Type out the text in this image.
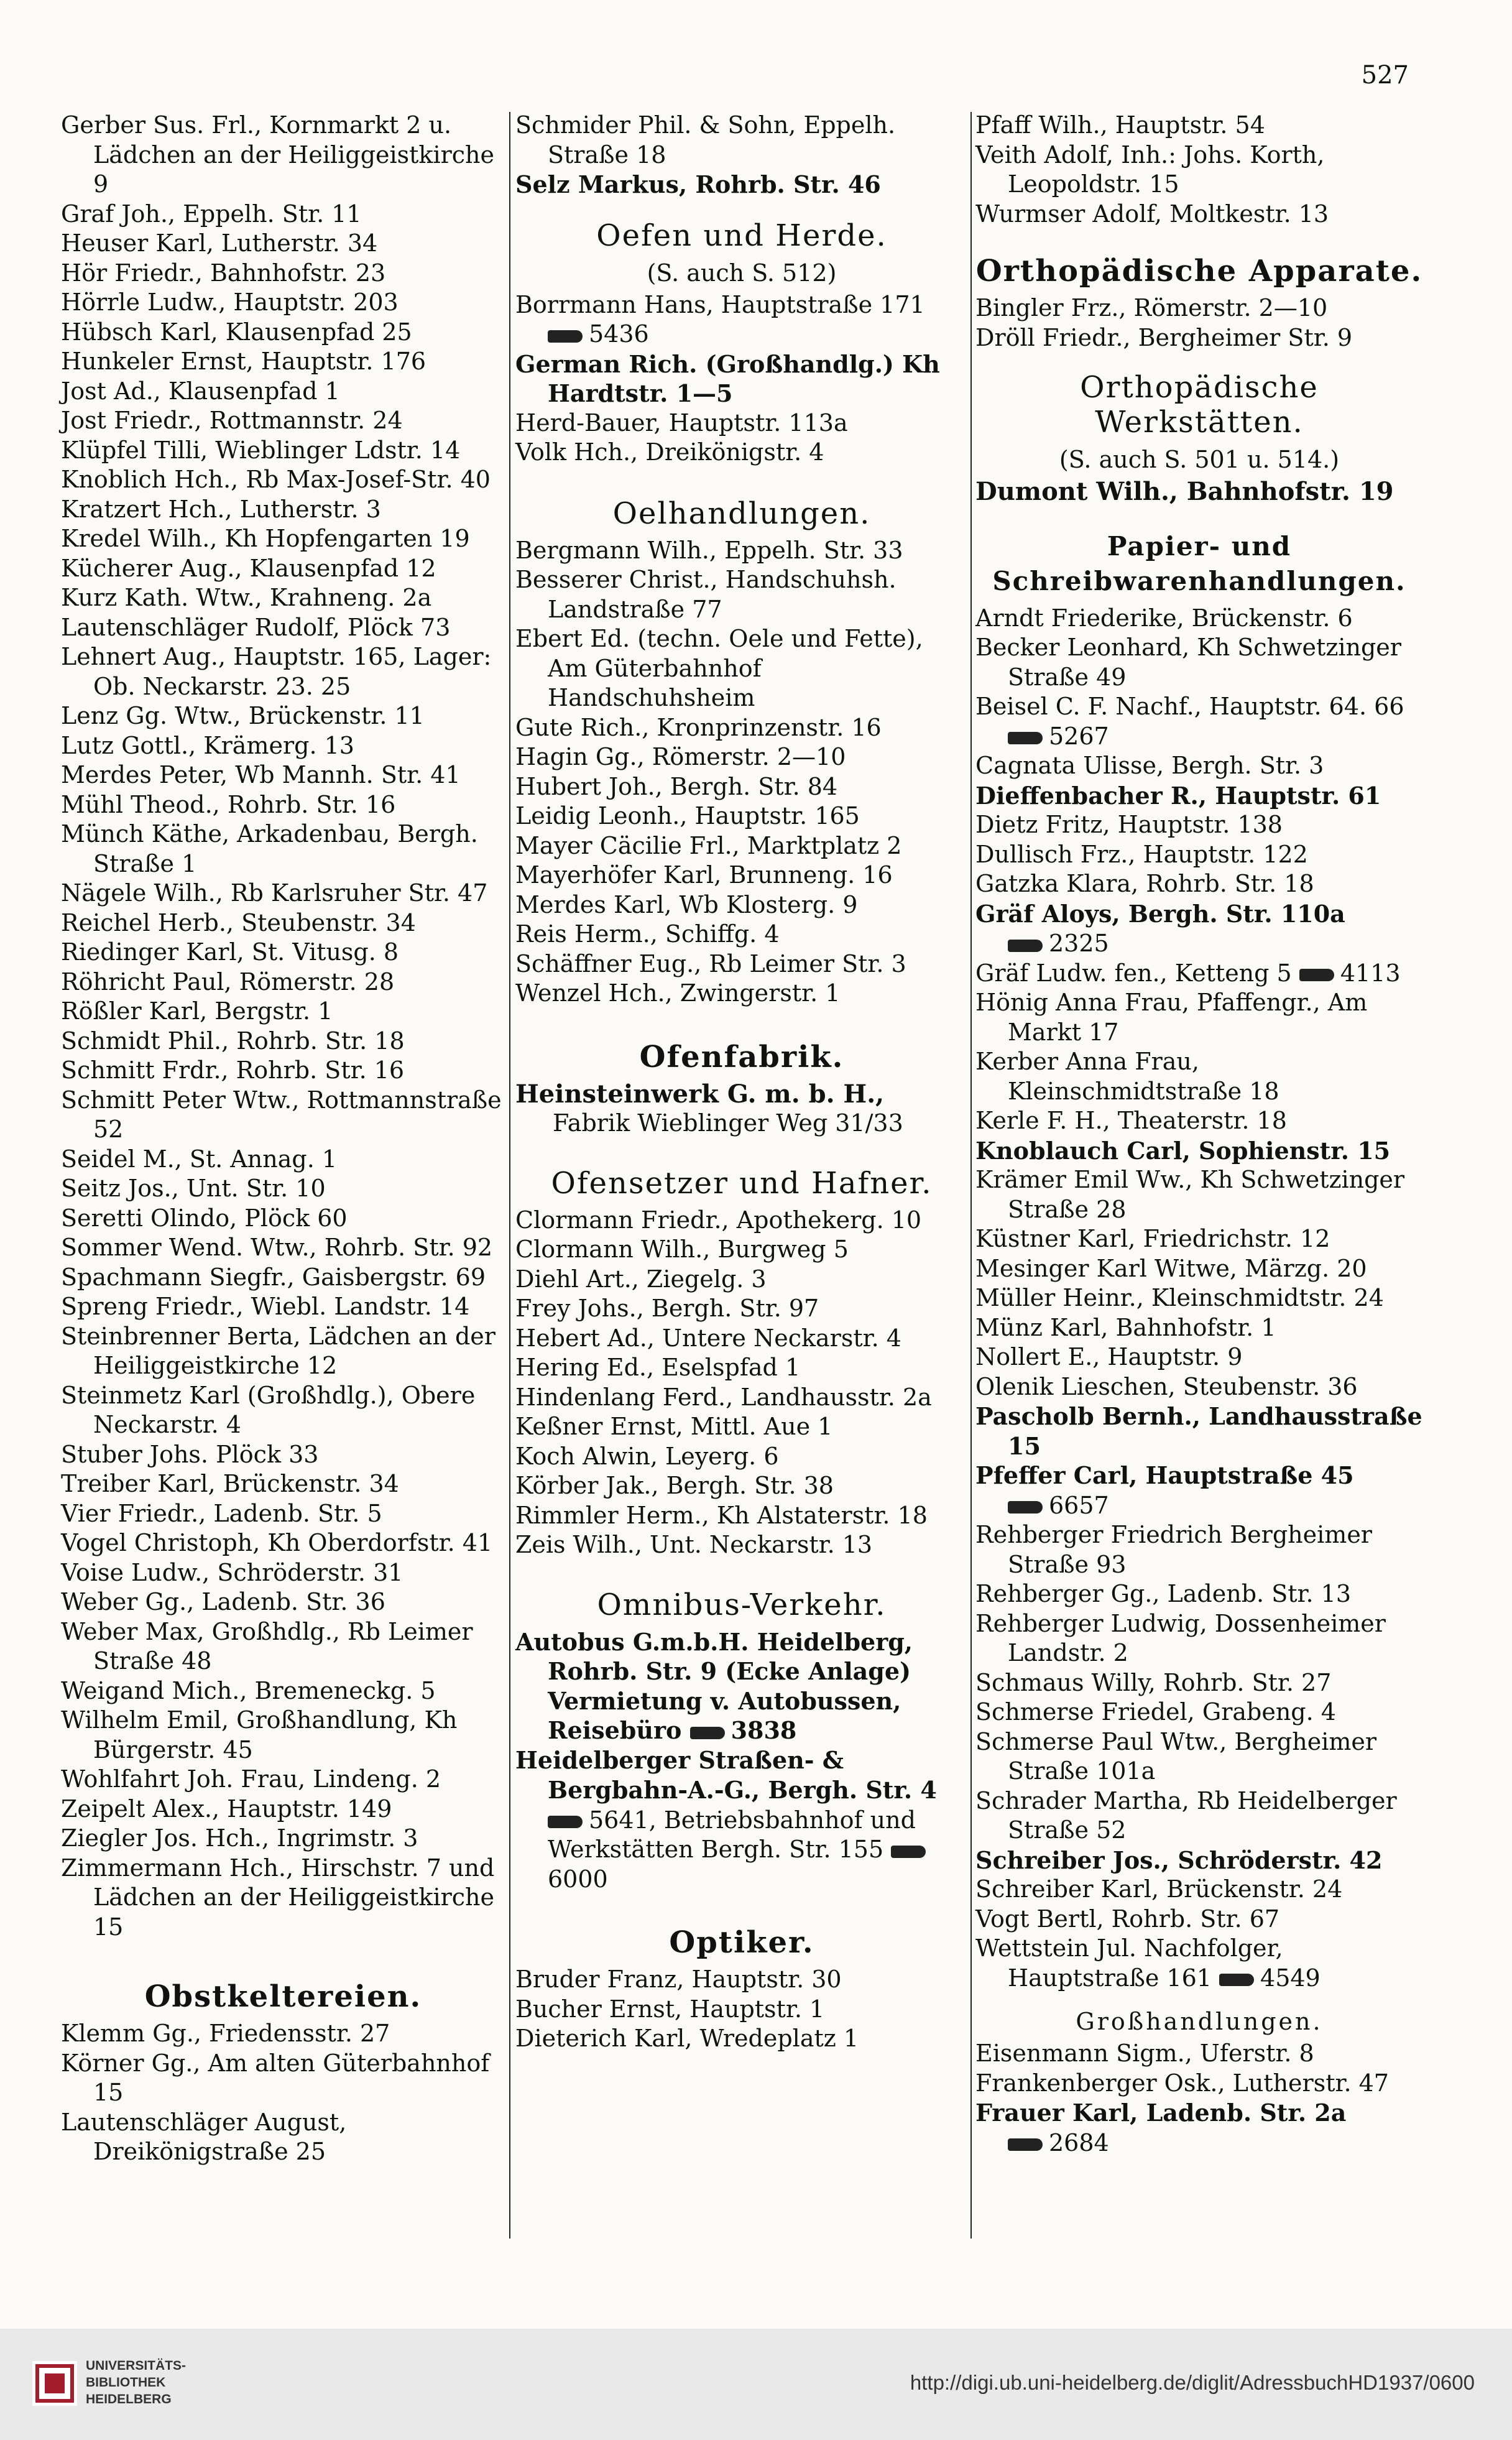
527
Gerber Sus. Frl., Kornmarkt 2 u. Lädchen an der Heiliggeistkirche 9
Graf Joh., Eppelh. Str. 11
Heuser Karl, Lutherstr. 34
Hör Friedr., Bahnhofstr. 23
Hörrle Ludw., Hauptstr. 203
Hübsch Karl, Klausenpfad 25
Hunkeler Ernst, Hauptstr. 176
Jost Ad., Klausenpfad 1
Jost Friedr., Rottmannstr. 24
Klüpfel Tilli, Wieblinger Ldstr. 14
Knoblich Hch., Rb Max-Josef-Str. 40
Kratzert Hch., Lutherstr. 3
Kredel Wilh., Kh Hopfengarten 19
Kücherer Aug., Klausenpfad 12
Kurz Kath. Wtw., Krahneng. 2a
Lautenschläger Rudolf, Plöck 73
Lehnert Aug., Hauptstr. 165, Lager: Ob. Neckarstr. 23. 25
Lenz Gg. Wtw., Brückenstr. 11
Lutz Gottl., Krämerg. 13
Merdes Peter, Wb Mannh. Str. 41
Mühl Theod., Rohrb. Str. 16
Münch Käthe, Arkadenbau, Bergh. Straße 1
Nägele Wilh., Rb Karlsruher Str. 47
Reichel Herb., Steubenstr. 34
Riedinger Karl, St. Vitusg. 8
Röhricht Paul, Römerstr. 28
Rößler Karl, Bergstr. 1
Schmidt Phil., Rohrb. Str. 18
Schmitt Frdr., Rohrb. Str. 16
Schmitt Peter Wtw., Rottmannstraße 52
Seidel M., St. Annag. 1
Seitz Jos., Unt. Str. 10
Seretti Olindo, Plöck 60
Sommer Wend. Wtw., Rohrb. Str. 92
Spachmann Siegfr., Gaisbergstr. 69
Spreng Friedr., Wiebl. Landstr. 14
Steinbrenner Berta, Lädchen an der Heiliggeistkirche 12
Steinmetz Karl (Großhdlg.), Obere Neckarstr. 4
Stuber Johs. Plöck 33
Treiber Karl, Brückenstr. 34
Vier Friedr., Ladenb. Str. 5
Vogel Christoph, Kh Oberdorfstr. 41
Voise Ludw., Schröderstr. 31
Weber Gg., Ladenb. Str. 36
Weber Max, Großhdlg., Rb Leimer Straße 48
Weigand Mich., Bremeneckg. 5
Wilhelm Emil, Großhandlung, Kh Bürgerstr. 45
Wohlfahrt Joh. Frau, Lindeng. 2
Zeipelt Alex., Hauptstr. 149
Ziegler Jos. Hch., Ingrimstr. 3
Zimmermann Hch., Hirschstr. 7 und Lädchen an der Heiliggeistkirche 15
Obstkeltereien.
Klemm Gg., Friedensstr. 27
Körner Gg., Am alten Güterbahnhof 15
Lautenschläger August, Dreikönigstraße 25
Schmider Phil. & Sohn, Eppelh. Straße 18
Selz Markus, Rohrb. Str. 46
Oefen und Herde.
(S. auch S. 512)
Borrmann Hans, Hauptstraße 171
5436
German Rich. (Großhandlg.) Kh Hardtstr. 1—5
Herd-Bauer, Hauptstr. 113a
Volk Hch., Dreikönigstr. 4
Oelhandlungen.
Bergmann Wilh., Eppelh. Str. 33
Besserer Christ., Handschuhsh. Landstraße 77
Ebert Ed. (techn. Oele und Fette), Am Güterbahnhof Handschuhsheim
Gute Rich., Kronprinzenstr. 16
Hagin Gg., Römerstr. 2—10
Hubert Joh., Bergh. Str. 84
Leidig Leonh., Hauptstr. 165
Mayer Cäcilie Frl., Marktplatz 2
Mayerhöfer Karl, Brunneng. 16
Merdes Karl, Wb Klosterg. 9
Reis Herm., Schiffg. 4
Schäffner Eug., Rb Leimer Str. 3
Wenzel Hch., Zwingerstr. 1
Ofenfabrik.
Heinsteinwerk G. m. b. H.,
Fabrik Wieblinger Weg 31/33
Ofensetzer und Hafner.
Clormann Friedr., Apothekerg. 10
Clormann Wilh., Burgweg 5
Diehl Art., Ziegelg. 3
Frey Johs., Bergh. Str. 97
Hebert Ad., Untere Neckarstr. 4
Hering Ed., Eselspfad 1
Hindenlang Ferd., Landhausstr. 2a
Keßner Ernst, Mittl. Aue 1
Koch Alwin, Leyerg. 6
Körber Jak., Bergh. Str. 38
Rimmler Herm., Kh Alstaterstr. 18
Zeis Wilh., Unt. Neckarstr. 13
Omnibus-Verkehr.
Autobus G.m.b.H. Heidelberg, Rohrb. Str. 9 (Ecke Anlage) Vermietung v. Autobussen, Reisebüro 3838
Heidelberger Straßen- & Bergbahn-A.-G., Bergh. Str. 4 5641, Betriebsbahnhof und Werkstätten Bergh. Str. 155 6000
Optiker.
Bruder Franz, Hauptstr. 30
Bucher Ernst, Hauptstr. 1
Dieterich Karl, Wredeplatz 1
Pfaff Wilh., Hauptstr. 54
Veith Adolf, Inh.: Johs. Korth, Leopoldstr. 15
Wurmser Adolf, Moltkestr. 13
Orthopädische Apparate.
Bingler Frz., Römerstr. 2—10
Dröll Friedr., Bergheimer Str. 9
Orthopädische Werkstätten.
(S. auch S. 501 u. 514.)
Dumont Wilh., Bahnhofstr. 19
Papier- und Schreibwarenhandlungen.
Arndt Friederike, Brückenstr. 6
Becker Leonhard, Kh Schwetzinger Straße 49
Beisel C. F. Nachf., Hauptstr. 64. 66
5267
Cagnata Ulisse, Bergh. Str. 3
Dieffenbacher R., Hauptstr. 61
Dietz Fritz, Hauptstr. 138
Dullisch Frz., Hauptstr. 122
Gatzka Klara, Rohrb. Str. 18
Gräf Aloys, Bergh. Str. 110a
2325
Gräf Ludw. fen., Ketteng 5 4113
Hönig Anna Frau, Pfaffengr., Am Markt 17
Kerber Anna Frau, Kleinschmidtstraße 18
Kerle F. H., Theaterstr. 18
Knoblauch Carl, Sophienstr. 15
Krämer Emil Ww., Kh Schwetzinger Straße 28
Küstner Karl, Friedrichstr. 12
Mesinger Karl Witwe, Märzg. 20
Müller Heinr., Kleinschmidtstr. 24
Münz Karl, Bahnhofstr. 1
Nollert E., Hauptstr. 9
Olenik Lieschen, Steubenstr. 36
Pascholb Bernh., Landhausstraße 15
Pfeffer Carl, Hauptstraße 45
6657
Rehberger Friedrich Bergheimer Straße 93
Rehberger Gg., Ladenb. Str. 13
Rehberger Ludwig, Dossenheimer Landstr. 2
Schmaus Willy, Rohrb. Str. 27
Schmerse Friedel, Grabeng. 4
Schmerse Paul Wtw., Bergheimer Straße 101a
Schrader Martha, Rb Heidelberger Straße 52
Schreiber Jos., Schröderstr. 42
Schreiber Karl, Brückenstr. 24
Vogt Bertl, Rohrb. Str. 67
Wettstein Jul. Nachfolger, Hauptstraße 161 4549
Großhandlungen.
Eisenmann Sigm., Uferstr. 8
Frankenberger Osk., Lutherstr. 47
Frauer Karl, Ladenb. Str. 2a
2684
UNIVERSITÄTS-
BIBLIOTHEK
HEIDELBERG
http://digi.ub.uni-heidelberg.de/diglit/AdressbuchHD1937/0600
